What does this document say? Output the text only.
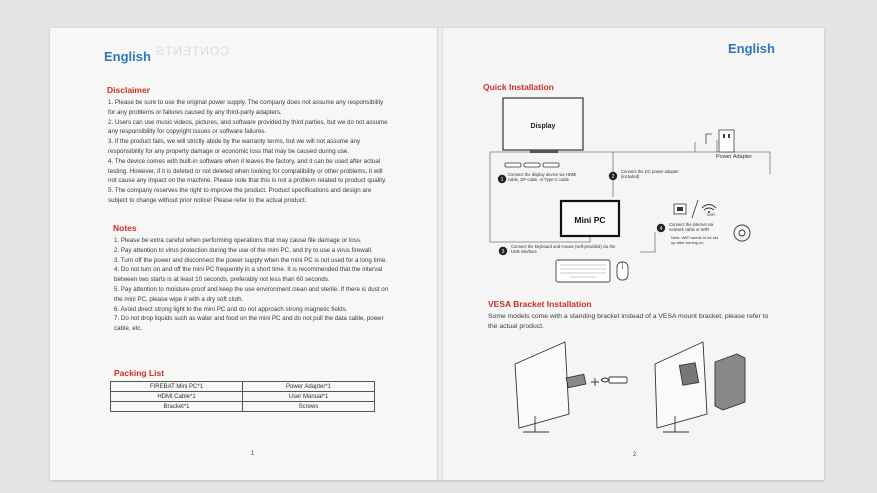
CONTENTS
English
Disclaimer

1. Please be sure to use the original power supply. The company does not assume any responsibility for any problems or failures caused by any third-party adapters.

2. Users can use music videos, pictures, and software provided by third parties, but we do not assume any responsibility for copyright issues or software failures.

3. If the product fails, we will strictly abide by the warranty terms, but we will not assume any responsibility for any property damage or economic loss that may be caused during use.

4. The device comes with built-in software when it leaves the factory, and it can be used after actual testing. However, if it is deleted or not deleted when looking for compatibility or other problems, it will not cause any impact on the machine. Please note that this is not a problem related to product quality.

5. The company reserves the right to improve the product. Product specifications and design are subject to change without prior notice! Please refer to the actual product.

Notes

1. Please be extra careful when performing operations that may cause file damage or loss.

2. Pay attention to virus protection during the use of the mini PC, and try to use a virus firewall.

3. Turn off the power and disconnect the power supply when the mini PC is not used for a long time.

4. Do not turn on and off the mini PC frequently in a short time. It is recommended that the interval between two starts is at least 10 seconds, preferably not less than 60 seconds.

5. Pay attention to moisture-proof and keep the use environment clean and sterile. If there is dust on the mini PC, please wipe it with a dry soft cloth.

6. Avoid direct strong light to the mini PC and do not approach strong magnetic fields.

7. Do not drop liquids such as water and food on the mini PC and do not pull the data cable, power cable, etc.

Packing List
FIREBAT Mini PC*1	Power Adapter*1
HDMI Cable*1	User Manual*1
Bracket*1	Screws
1
English
Quick Installation
Display
1
Connect the display device via HDMI
cable, DP cable, or Type-C cable
Power Adapter
2
Connect the DC power adapter
(included)
Mini PC
WIFI
4
Connect the internet via
network cable or WiFi
Note: WiFi needs to be set
up after turning on
3
Connect the keyboard and mouse (self-provided) via the
USB interface
VESA Bracket Installation
Some models come with a standing bracket instead of a VESA mount bracket, please refer to the actual product.
2
